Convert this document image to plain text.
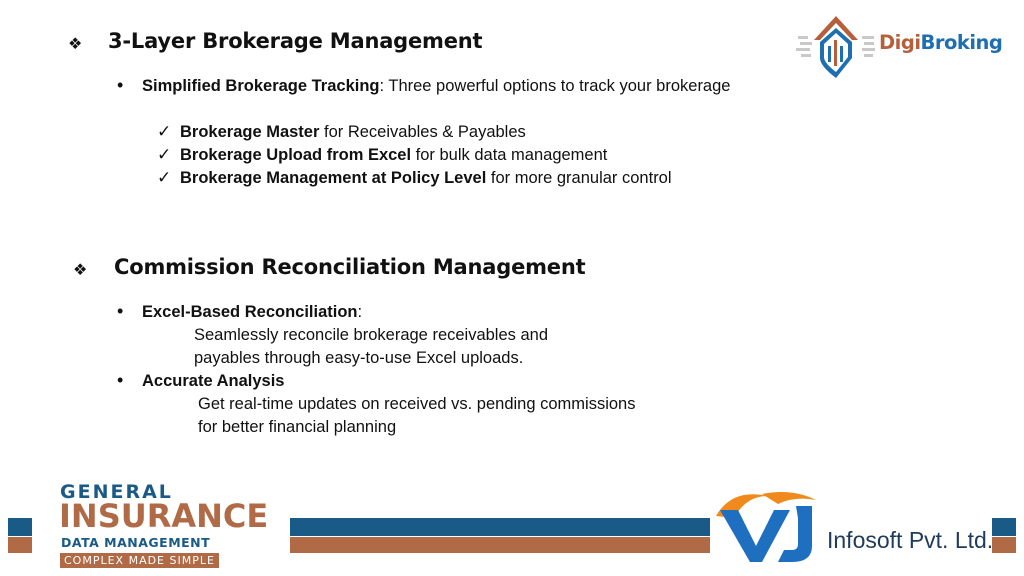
❖ 3-Layer Brokerage Management
• Simplified Brokerage Tracking: Three powerful options to track your brokerage
✓ Brokerage Master for Receivables & Payables
✓ Brokerage Upload from Excel for bulk data management
✓ Brokerage Management at Policy Level for more granular control
❖ Commission Reconciliation Management
• Excel-Based Reconciliation:
Seamlessly reconcile brokerage receivables and
payables through easy-to-use Excel uploads.
• Accurate Analysis
Get real-time updates on received vs. pending commissions
for better financial planning
DigiBroking
GENERAL
INSURANCE
DATA MANAGEMENT
COMPLEX MADE SIMPLE
Infosoft Pvt. Ltd.
